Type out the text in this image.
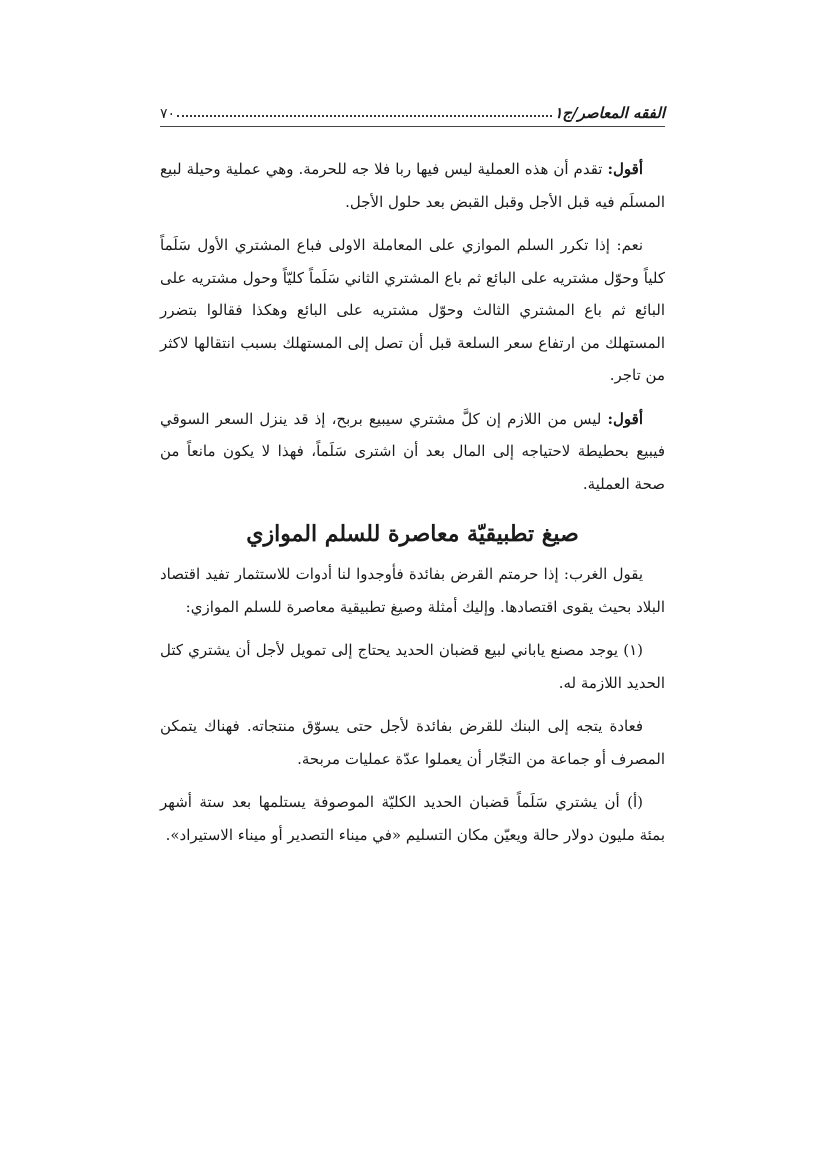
الفقه المعاصر/ج١
٧٠

أقول: تقدم أن هذه العملية ليس فيها ربا فلا جه للحرمة. وهي عملية وحيلة لبيع المسلَم فيه قبل الأجل وقبل القبض بعد حلول الأجل.

نعم: إذا تكرر السلم الموازي على المعاملة الاولى فباع المشتري الأول سَلَماً كلياً وحوّل مشتريه على البائع ثم باع المشتري الثاني سَلَماً كليّاً وحول مشتريه على البائع ثم باع المشتري الثالث وحوّل مشتريه على البائع وهكذا فقالوا بتضرر المستهلك من ارتفاع سعر السلعة قبل أن تصل إلى المستهلك بسبب انتقالها لاكثر من تاجر.

أقول: ليس من اللازم إن كلَّ مشتري سيبيع بربح، إذ قد ينزل السعر السوقي فيبيع بحطيطة لاحتياجه إلى المال بعد أن اشترى سَلَماً، فهذا لا يكون مانعاً من صحة العملية.

صيغ تطبيقيّة معاصرة للسلم الموازي

يقول الغرب: إذا حرمتم القرض بفائدة فأوجدوا لنا أدوات للاستثمار تفيد اقتصاد البلاد بحيث يقوى اقتصادها. وإليك أمثلة وصيغ تطبيقية معاصرة للسلم الموازي:

(١) يوجد مصنع ياباني لبيع قضبان الحديد يحتاج إلى تمويل لأجل أن يشتري كتل الحديد اللازمة له.

فعادة يتجه إلى البنك للقرض بفائدة لأجل حتى يسوّق منتجاته. فهناك يتمكن المصرف أو جماعة من التجّار أن يعملوا عدّة عمليات مربحة.

(أ) أن يشتري سَلَماً قضبان الحديد الكليّة الموصوفة يستلمها بعد ستة أشهر بمئة مليون دولار حالة ويعيّن مكان التسليم «في ميناء التصدير أو ميناء الاستيراد».
